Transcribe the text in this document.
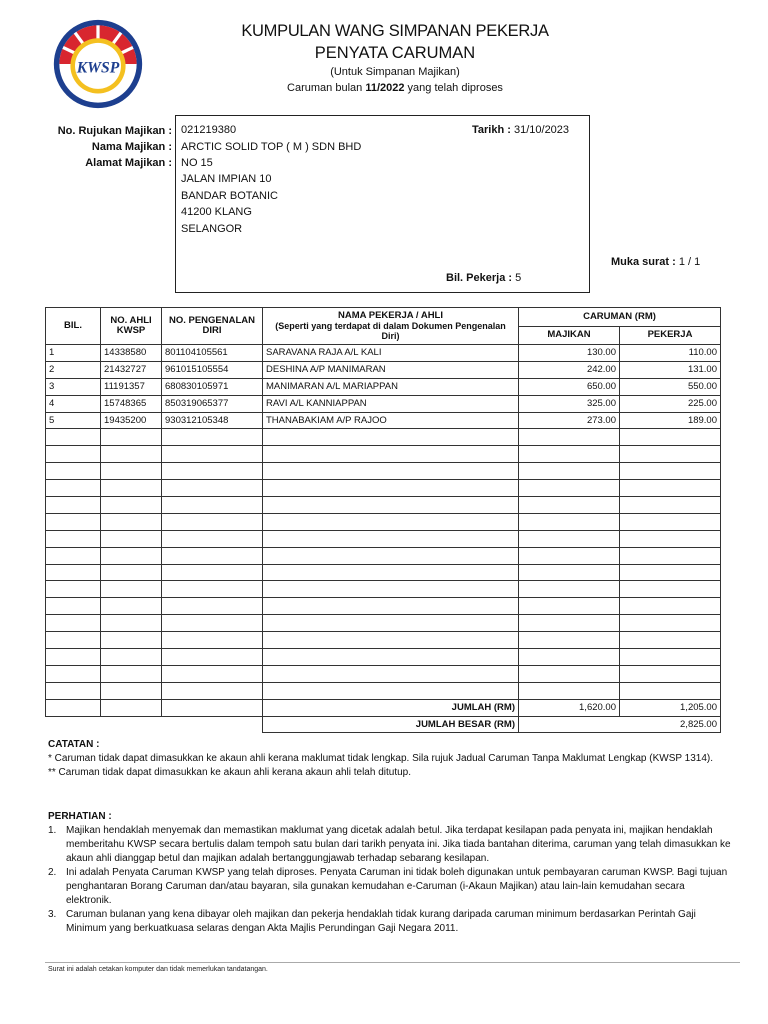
KWSP
KUMPULAN WANG SIMPANAN PEKERJA
PENYATA CARUMAN
(Untuk Simpanan Majikan)
Caruman bulan 11/2022 yang telah diproses
No. Rujukan Majikan :
Nama Majikan :
Alamat Majikan :
021219380
ARCTIC SOLID TOP ( M ) SDN BHD
NO 15
JALAN IMPIAN 10
BANDAR BOTANIC
41200 KLANG
SELANGOR
Tarikh : 31/10/2023
Muka surat : 1 / 1
Bil. Pekerja : 5
BIL.	NO. AHLI KWSP	NO. PENGENALAN DIRI	NAMA PEKERJA / AHLI
(Seperti yang terdapat di dalam Dokumen Pengenalan Diri)	CARUMAN (RM)	
				MAJIKAN	PEKERJA
1	14338580	801104105561	SARAVANA RAJA A/L KALI	130.00	110.00
2	21432727	961015105554	DESHINA A/P MANIMARAN	242.00	131.00
3	11191357	680830105971	MANIMARAN A/L MARIAPPAN	650.00	550.00
4	15748365	850319065377	RAVI A/L KANNIAPPAN	325.00	225.00
5	19435200	930312105348	THANABAKIAM A/P RAJOO	273.00	189.00

			JUMLAH (RM)	1,620.00	1,205.00
			JUMLAH BESAR (RM)	2,825.00	
CATATAN :
* Caruman tidak dapat dimasukkan ke akaun ahli kerana maklumat tidak lengkap. Sila rujuk Jadual Caruman Tanpa Maklumat Lengkap (KWSP 1314).
** Caruman tidak dapat dimasukkan ke akaun ahli kerana akaun ahli telah ditutup.
PERHATIAN :
1. Majikan hendaklah menyemak dan memastikan maklumat yang dicetak adalah betul. Jika terdapat kesilapan pada penyata ini, majikan hendaklah memberitahu KWSP secara bertulis dalam tempoh satu bulan dari tarikh penyata ini. Jika tiada bantahan diterima, caruman yang telah dimasukkan ke akaun ahli dianggap betul dan majikan adalah bertanggungjawab terhadap sebarang kesilapan.
2. Ini adalah Penyata Caruman KWSP yang telah diproses. Penyata Caruman ini tidak boleh digunakan untuk pembayaran caruman KWSP. Bagi tujuan penghantaran Borang Caruman dan/atau bayaran, sila gunakan kemudahan e-Caruman (i-Akaun Majikan) atau lain-lain kemudahan secara elektronik.
3. Caruman bulanan yang kena dibayar oleh majikan dan pekerja hendaklah tidak kurang daripada caruman minimum berdasarkan Perintah Gaji Minimum yang berkuatkuasa selaras dengan Akta Majlis Perundingan Gaji Negara 2011.
Surat ini adalah cetakan komputer dan tidak memerlukan tandatangan.
